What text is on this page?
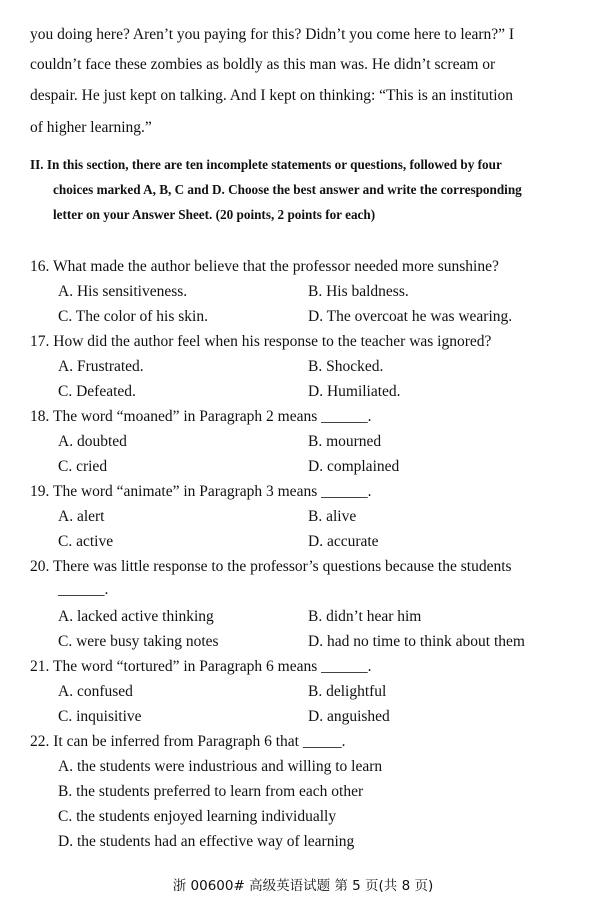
you doing here? Aren’t you paying for this? Didn’t you come here to learn?” I
couldn’t face these zombies as boldly as this man was. He didn’t scream or
despair. He just kept on talking. And I kept on thinking: “This is an institution
of higher learning.”
II. In this section, there are ten incomplete statements or questions, followed by four
choices marked A, B, C and D. Choose the best answer and write the corresponding
letter on your Answer Sheet. (20 points, 2 points for each)
16. What made the author believe that the professor needed more sunshine?
A. His sensitiveness.	B. His baldness.
C. The color of his skin.	D. The overcoat he was wearing.
17. How did the author feel when his response to the teacher was ignored?
A. Frustrated.	B. Shocked.
C. Defeated.	D. Humiliated.
18. The word “moaned” in Paragraph 2 means ______.
A. doubted	B. mourned
C. cried	D. complained
19. The word “animate” in Paragraph 3 means ______.
A. alert	B. alive
C. active	D. accurate
20. There was little response to the professor’s questions because the students
______.
A. lacked active thinking	B. didn’t hear him
C. were busy taking notes	D. had no time to think about them
21. The word “tortured” in Paragraph 6 means ______.
A. confused	B. delightful
C. inquisitive	D. anguished
22. It can be inferred from Paragraph 6 that _____.
A. the students were industrious and willing to learn
B. the students preferred to learn from each other
C. the students enjoyed learning individually
D. the students had an effective way of learning
浙 00600# 高级英语试题 第 5 页(共 8 页)
